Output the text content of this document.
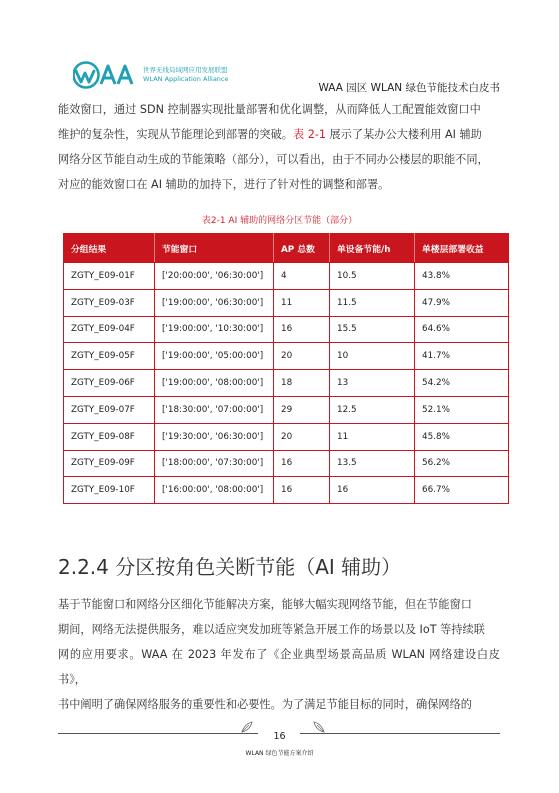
世界无线局域网应用发展联盟
WLAN Application Alliance
WAA 园区 WLAN 绿色节能技术白皮书
能效窗口，通过 SDN 控制器实现批量部署和优化调整，从而降低人工配置能效窗口中
维护的复杂性，实现从节能理论到部署的突破。表 2-1 展示了某办公大楼利用 AI 辅助
网络分区节能自动生成的节能策略（部分），可以看出，由于不同办公楼层的职能不同，
对应的能效窗口在 AI 辅助的加持下，进行了针对性的调整和部署。
表2-1 AI 辅助的网络分区节能（部分）
分组结果	节能窗口	AP 总数	单设备节能/h	单楼层部署收益
ZGTY_E09-01F	['20:00:00', '06:30:00']	4	10.5	43.8%
ZGTY_E09-03F	['19:00:00', '06:30:00']	11	11.5	47.9%
ZGTY_E09-04F	['19:00:00', '10:30:00']	16	15.5	64.6%
ZGTY_E09-05F	['19:00:00', '05:00:00']	20	10	41.7%
ZGTY_E09-06F	['19:00:00', '08:00:00']	18	13	54.2%
ZGTY_E09-07F	['18:30:00', '07:00:00']	29	12.5	52.1%
ZGTY_E09-08F	['19:30:00', '06:30:00']	20	11	45.8%
ZGTY_E09-09F	['18:00:00', '07:30:00']	16	13.5	56.2%
ZGTY_E09-10F	['16:00:00', '08:00:00']	16	16	66.7%
2.2.4 分区按角色关断节能（AI 辅助）
基于节能窗口和网络分区细化节能解决方案，能够大幅实现网络节能，但在节能窗口
期间，网络无法提供服务，难以适应突发加班等紧急开展工作的场景以及 IoT 等持续联
网的应用要求。WAA 在 2023 年发布了《企业典型场景高品质 WLAN 网络建设白皮书》，
书中阐明了确保网络服务的重要性和必要性。为了满足节能目标的同时，确保网络的
16
WLAN 绿色节能方案介绍
